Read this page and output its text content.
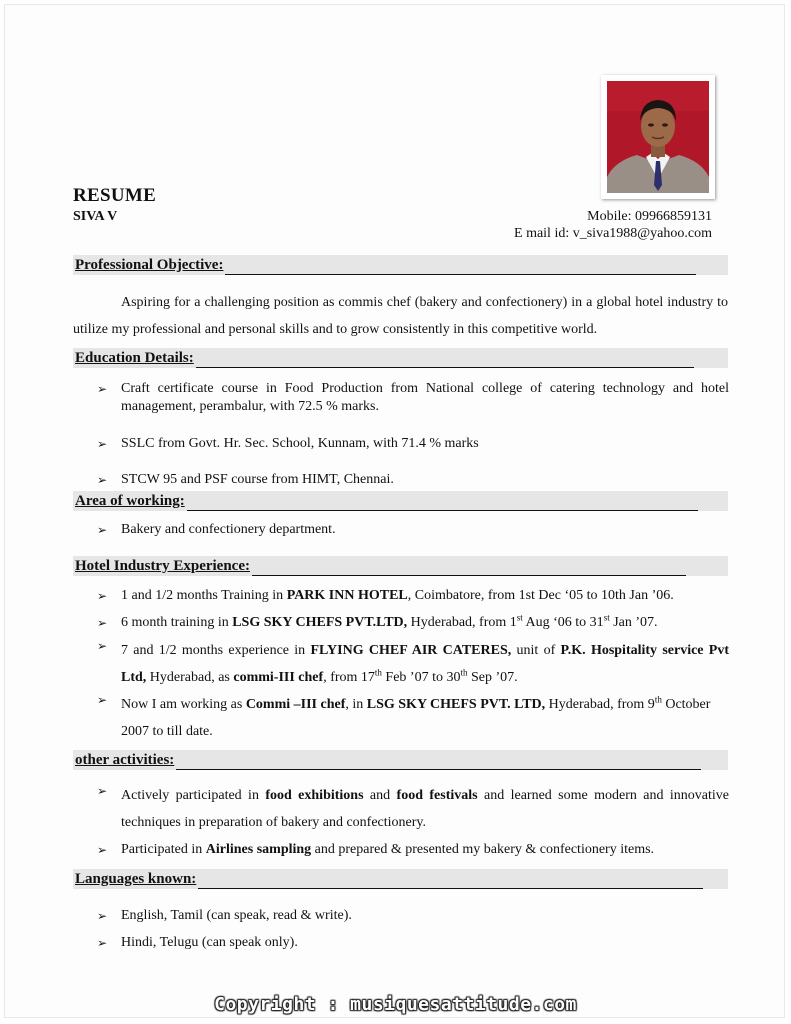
RESUME
SIVA V	Mobile: 09966859131
E mail id: v_siva1988@yahoo.com
Professional Objective:

Aspiring for a challenging position as commis chef (bakery and confectionery) in a global hotel industry to utilize my professional and personal skills and to grow consistently in this competitive world.

Education Details:
➢ Craft certificate course in Food Production from National college of catering technology and hotel management, perambalur, with 72.5 % marks.
➢ SSLC from Govt. Hr. Sec. School, Kunnam, with 71.4 % marks
➢ STCW 95 and PSF course from HIMT, Chennai.
Area of working:
➢ Bakery and confectionery department.
Hotel Industry Experience:
➢ 1 and 1/2 months Training in PARK INN HOTEL, Coimbatore, from 1st Dec ‘05 to 10th Jan ’06.
➢ 6 month training in LSG SKY CHEFS PVT.LTD, Hyderabad, from 1st Aug ‘06 to 31st Jan ’07.
➢ 7 and 1/2 months experience in FLYING CHEF AIR CATERES, unit of P.K. Hospitality service Pvt Ltd, Hyderabad, as commi-III chef, from 17th Feb ’07 to 30th Sep ’07.
➢ Now I am working as Commi –III chef, in LSG SKY CHEFS PVT. LTD, Hyderabad, from 9th October 2007 to till date.
other activities:
➢ Actively participated in food exhibitions and food festivals and learned some modern and innovative techniques in preparation of bakery and confectionery.
➢ Participated in Airlines sampling and prepared & presented my bakery & confectionery items.
Languages known:
➢ English, Tamil (can speak, read & write).
➢ Hindi, Telugu (can speak only).
Copyright : musiquesattitude.com
